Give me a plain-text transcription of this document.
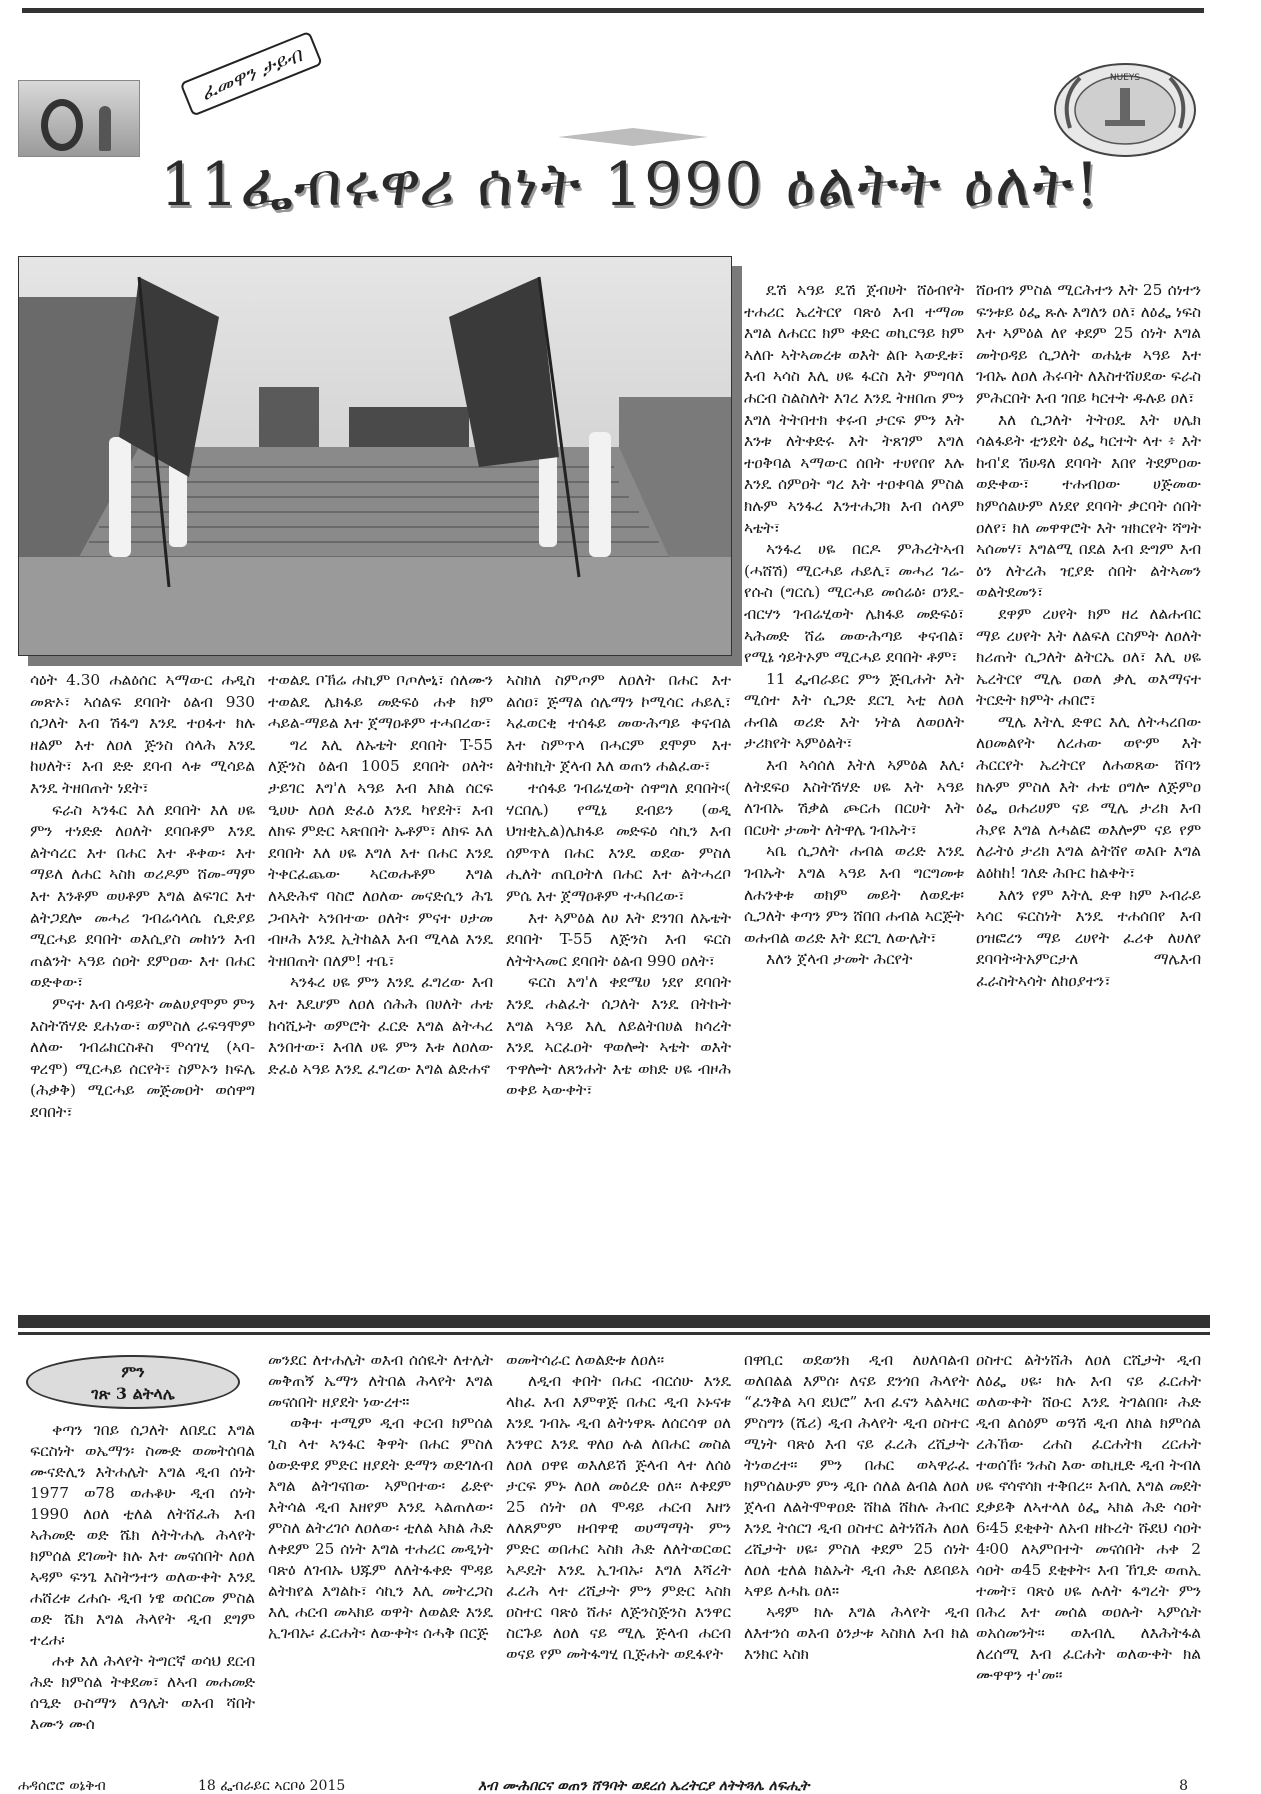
ፈመዋን ታይብ	NUEYS
11ፌብሩዋሪ ሰነት 1990 ዕልትት ዕለት!

ሳዕት 4.30 ሐልዕሰር ኣማውር ሐዲስ መጽኦ፣ ኣሰልፍ ደባበት ዕልብ 930 ሰጋለት እብ ሽፋግ እንዴ ተዐፋተ ክሉ ዘልም እተ ለዐለ ጅንስ ሰላሕ እንዴ ከሀለት፣ እብ ድድ ደባብ ላቱ ሚሳይል እንዴ ትዘበጠት ነደት፣

ፍራስ ኣንፋር እለ ደባበት እለ ሀዬ ምን ተነድድ ለዐለት ደባበቶም እንዴ ልትሳረር እተ በሐር እተ ቶቀው፡ እተ ማይለ ለሐር ኣስክ ወሪዶም ሸመ-ማም እተ እንቶም ወሀቶም እግል ልፍገር እተ ልትጋደሎ መሓሪ ገብሬሳላሴ ሲድያይ ሚርሓይ ደባበት ወእሲያስ መከነን እብ ጠልንት ኣዓይ ሰዐት ደምዐው እተ በሐር ወድቀው፣

ምናተ እብ ሰዳይት መልሀያሞም ምን እስትሽሃድ ደሐነው፣ ወምስለ ራፍዓሞም ለለው ገብሬክርስቶስ ሞሳገሂ (ኣባ-ዋረሞ) ሚርሓይ ሰርየት፣ ስምኦን ክፍሌ (ሕቃቅ) ሚርሓይ መጅመዐት ወሰዋግ ደባበት፣

ተወልዴ ቦኽሬ ሐኪም ቦጦሎኒ፣ ሰለሙን ተወልዴ ሌክፋይ መድፍዕ ሐቀ ክም ሓይል-ማይል እተ ጀማዐቶም ተሓበረው፣

ግረ እሊ ለኡቴት ደባበት T-55 ለጅንስ ዕልብ 1005 ደባበት ዐለት፡ታይገር እግ'ለ ኣዓይ እብ እክል ሰርፍ ዒሀሁ ለዐለ ድፈዕ እንዴ ካየደት፣ እብ ለክፍ ምድር ኣጽበበት ኡቶም፣ ለክፍ እለ ደባበት እለ ሀዬ እግለ እተ በሐር እንዴ ትቀርፈጨው ኣርወሐቶም እግል ለኣድሕኖ ባስሮ ለዐለው መናድሲን ሕጌ ጋብኣት ኣንበተው ዐለት፡ ምናተ ሀታመ ብዞሕ እንዴ ኢትከልእ እብ ሚላል እንዴ ትዘበጠት በለም! ተቤ፣

ኣንፋረ ሀዬ ምን እንዴ ፈግረው እብ እተ እዴሆም ለዐለ ሰሕሕ በሀለት ሐቴ ከሳሺኑት ወምሮት ፈርድ እግል ልትሓረ እንበተው፣ እብለ ሀዬ ምን እቱ ለዐለው ድፈዕ ኣዓይ እንዴ ፈግረው እግል ልድሐኖ

ኣስክለ ስምጦም ለዐለት በሐር እተ ልሰዐ፣ ጅማል ሰሌማን ኮሚሳር ሐይሊ፣ ኣፈወርቂ ተሰፋይ መውሕጣይ ቀናብል እተ ስምጥላ በሓርም ደሞም እተ ልትክኪት ጀላብ እለ ወጠን ሐልፈው፣

ተሰፋይ ገብሬሂወት ሰዋግለ ደባበት፡( ሃርበሌ) የሚኔ ደብይን (ወዲ ህዝቂኢል)ሌክፋይ መድፍዕ ሳኪን እብ ሰምጥለ በሐር እንዴ ወደው ምስለ ሒለት ጠቢዐትለ በሐር እተ ልትሓረቦ ምሴ እተ ጀማዐቶም ተሓበረው፣

እተ ኣምዕል ለሀ እት ደንገበ ለኡቴት ደባበት T-55 ለጅንስ እብ ፍርስ ለትትኣመር ደባበት ዕልብ 990 ዐለት፣

ፍርስ እግ'ለ ቀደሜሀ ነደየ ደባበት እንዴ ሐልፈት ሰጋለት እንዴ በትኩት እግል ኣዓይ እሊ ለይልትበሀል ክሳረት እንዴ ኣርፈዐት ዋወሎት ኣቴት ወእት ጥዋሎት ለጸንሐት እቴ ወክድ ሀዬ ብዞሕ ወቀይ ኣውቀት፣

ዴሽ ኣዓይ ዴሽ ጀብሀት ሸዕብየት ተሐሪር ኤረትርየ ባጽዕ እብ ተማመ እግል ለሐርር ክም ቀድር ወኪርዓይ ክም ኣለቡ ኣትኣመረቱ ወእት ልቡ ኣውዴቱ፣ እብ ኣሳስ እሊ ሀዬ ፋርስ እት ምግባለ ሐርብ ስልስለት እገረ እንዴ ትዘበጠ ምን እግለ ትትበተክ ቀሩብ ታርፍ ምን እት እንቱ ለትቀድሩ እት ትጸገም እግለ ተዐቅባል ኣማውር ሰበት ተሀየበየ እሉ እንዴ ሰምዐት ግረ እት ተዐቀባል ምስል ክሉም ኣንፋረ እንተሐጋክ እብ ሰላም ኣቴት፣

ኣንፋረ ሀዬ በርዶ ምሕረትኣብ (ሓሸሽ) ሚርሓይ ሐይሊ፣ መሓሪ ገሬ- የሱስ (ግርሴ) ሚርሓይ መሰሬዕ፡ ዐንዴ-ብርሃን ገብሬሂወት ሌክፋይ መድፍዕ፣ ኣሕመድ ሸሬ መውሕጣይ ቀናብል፣ የሚኔ ጎይትኦም ሚርሓይ ደባበት ቶም፣

11 ፌብራይር ምን ጅቢሐት እት ሚሰተ እት ሲጋድ ደርጊ ኣቲ ለዐለ ሐብል ወሪድ እት ነትል ለወዐለት ታሪክየት ኣምዕልት፣

እብ ኣሳሰለ እትለ ኣምዕል እሊ፡ ለትደፍዐ እስትሽሃድ ሀዬ እት ኣዓይ ለገብኡ ሽቃል ጮርሐ በርሀት እት በርሀት ታመት ለትዋሌ ገብኡት፣

ኣቤ ሲጋለት ሐብል ወሪድ እንዴ ገብኡት እግል ኣዓይ እብ ግርግመቱ ለሐንቀቱ ወክም መይት ለወዴቱ፡ ሲጋለት ቀጣን ምን ሸበበ ሐብል ኣርጅት ወሐብል ወሪድ እት ደርጊ ለውሌት፣

እለን ጀላብ ታመት ሕርየት

ሸዐብን ምስል ሚርሕተን እት 25 ሰነተን ፍንቱይ ዕፌ ጹሉ እግለን ዐለ፣ ለዕፌ ነፍስ እተ ኣምዕል ለየ ቀደም 25 ሰነት እግል መትዐዳይ ሲጋለት ወሐኒቱ ኣዓይ እተ ገብኡ ለዐለ ሕሩባት ለእስተሸሀደው ፍራስ ምሕርበት እብ ገበይ ካርተት ዱሉይ ዐለ፣

እለ ሲጋለት ትትዐዴ እት ሀሌክ ሳልፋይት ቲንደት ዕፌ ካርተት ላተ ፥ እት ከብ'ደ ሽሀዳለ ደባባት እበየ ትደምዐው ወድቀው፣ ተሐብዐው ሀጅመው ክምሰልሁም ለነደየ ደባባት ቃርባት ሰበት ዐለየ፣ ክለ መዋዋሮት እት ዝክርየት ሻግት ኣሰመሃ፣ እግልሚ በደል እብ ድግም እብ ዕን ለትረሕ ዢያድ ሰበት ልትኣመን ወልትደመን፣

ደዋም ረሀየት ክም ዘረ ለልሐብር ማይ ረሀየት እት ለልፍለ ርስምት ለዐለት ክሪጠት ሲጋለት ልትርኤ ዐለ፣ እሊ ሀዬ ኤረትርየ ሚሌ ዐወለ ቃሊ ወእማናተ ትርድት ክምት ሐበሮ፣

ሚሌ እትሊ ድዋር እሊ ለትሓረበው ለዐመልየት ለረሐው ወዮም እት ሕርርየት ኤረትርየ ለሐወጸው ሸባን ክሉም ምስለ እት ሐቴ ዐግሎ ለጅምዐ ዕፌ ዐሐሪሀም ናይ ሚሌ ታሪክ እብ ሕያዩ እግል ለሓልፎ ወእሎም ናይ የም ለራትዕ ታሪክ እግል ልትሸየ ወእቡ እግል ልዕከከ! ገለድ ሕቡር ከልቀት፣

እለን የም እትሊ ድዋ ክም ኦብራይ ኣሳር ፍርስነት እንዴ ተሐሰበየ እብ ዐዝፎረን ማይ ረሀየት ፈሪቀ ለሀለየ ደባባት፡ትአምርታለ ማሌእብ ፈራስትኣሳት ለከዐያተን፣

ምን
ገጽ 3 ልትላሌ

ቀጣን ገበይ ሰጋለት ለበዴር እግል ፍርስነት ወኤማን፡ ስሙድ ወመትሰባል ሙናድሊን እትሐሌት እግል ዲብ ሰነት 1977 ወ78 ወሐቆሁ ዲብ ሰነት 1990 ለዐለ ቲለል ለትሸፈሕ እብ ኣሕመድ ወድ ሼክ ለትትሐሌ ሕላየት ክምሰል ደገመት ክሉ እተ መናሰበት ለዐለ ኣዳም ፍንጌ እስትንተን ወለውቀት እንዴ ሐሸረቱ ረሐሱ ዲብ ነዌ ወሰርመ ምስል ወድ ሼክ እግል ሕላየት ዲብ ደግም ተረሐ፡

ሐቀ እለ ሕላየት ትግርኛ ወሳህ ደርብ ሕድ ክምሰል ትቀደመ፣ ለኣብ መሐመድ ሰዒድ ዑስማን ለዓሌት ወእብ ሻበት እሙን ሙሰ

መንደር ለተሐሌት ወእብ ሰሰዪት ለተሌት መቅጠኝ ኤማን ለትበል ሕላየት እግል መናሰበት ዘያደት ነውረተ።

ወቅተ ተሚም ዲብ ቀርብ ክምሰል ጊስ ላተ ኣንፋር ቅዋት በሐር ምስለ ዕውድዋደ ምድር ዘያደት ድማን ወድገለብ እግል ልትገናበው ኣምበተው፡ ፊድዮ እትሳል ዲብ እዘየም እንዴ ኣልጠለው፡ ምስለ ልትረገሶ ለዐለው፡ ቲለል ኣክል ሕድ ለቀደም 25 ሰነት እግል ተሐሪር መዲነት ባጽዕ ለገብኡ ህጁም ለለትፋቀድ ሞዳይ ልትክየል እግልኩ፣ ሳኪን እሊ መትረጋስ እሊ ሐርብ መኣክይ ወዋት ለወልድ እንዴ ኢገብኡ፡ ፈርሐት፡ ለውቀት፡ ሰሓቅ በርጅ

ወመትሳራር ለወልድቱ ለዐለ፡፡

ለዲብ ቀበት በሐር ብርሰሁ እንዴ ላከፈ እብ እምዋጅ በሐር ዲብ ኦኑናቱ እንዴ ገብኡ ዲብ ልትነዋጹ ለሰርሳዋ ዐለ እንዋር እንዴ ዋለዐ ሉል ለበሐር መስል ለዐለ ዐዋዩ ወእለይሽ ጅላብ ላተ ለሰዕ ታርፍ ምኑ ለዐለ መዕረድ ዐለ፡፡ ለቀደም 25 ሰነት ዐለ ሞዳይ ሐርብ እዘን ለለጸምም ዘብዋዊ ወሀማማት ምን ምድር ወበሐር ኣስክ ሕድ ለለትወርወር ኣዶዴት እንዴ ኢገብኡ፡ እግለ እሻረት ፈረሕ ላተ ረሺታት ምን ምድር ኣስክ ዐስተር ባጽዕ ሸሐ፡ ለጅንስጅንስ እንዋር ስርጉይ ለዐለ ናይ ሚሌ ጅላብ ሐርብ ወናይ የም መትፋግሂ ቢጅሐት ወዴፋየት

በዋቢር ወደወንክ ዲብ ለሀለባልብ ወለበልል እምሰ፡ ለናይ ደንጎበ ሕላየት “ፈንቅል ኣባ ደህሮ” እብ ፈናን ኣልኣዛር ምስግን (ሼሪ) ዲብ ሕላየት ዲብ ዐስተር ሚነት ባጽዕ እብ ናይ ፈረሕ ረሺታት ትነወረተ፡፡ ምን በሐር ወኣዋራፈ ክምሰልሁም ምን ዲቡ ሰለል ልብል ለዐለ ጀላብ ለልትሞዋዐድ ሸከል ሸከሉ ሕብር እንዴ ትሰርገ ዲብ ዐስተር ልትነሸሕ ለዐለ ረሺታት ሀዬ፡ ምስለ ቀደም 25 ሰነት ለዐለ ቲለል ክልኡት ዲብ ሕድ ለይበይአ ኣዋይ ለሓኬ ዐለ።

ኣዳም ክሉ እግል ሕላየት ዲብ ለእተንሰ ወእብ ዕንታቱ ኣስክለ እብ ክል እንክር ኣስክ

ዐስተር ልትነሸሕ ለዐለ ርሺታት ዲብ ለዕፌ ሀዬ፡ ክሉ እብ ናይ ፈርሐት ወለውቀት ሸዑር እንዴ ትገልበበ፡ ሕድ ዲብ ልሰዕም ወዓሽ ዲብ ለክል ክምሰል ረሕኸው ረሐስ ፈርሐትክ ረርሐት ተወሰኸ፡ ንሐስ እው ወኪዚድ ዲብ ትብለ ሀዬ ኖሳኖሳክ ተቅበረ፡፡ እብሊ እግል መደት ደቃይቅ ለኣተላለ ዕፌ ኣክል ሕድ ሳዐት 6፡45 ደቂቀት ለአብ ዘኩረት ሹደህ ሳዐት 4፡00 ለኣምበተት መናሰበት ሐቀ 2 ሳዐት ወ45 ደቂቀት፡ እብ ኸጊድ ወጠኢ ተመት፣ ባጽዕ ሀዬ ሉለት ፋግረት ምን በሕረ እተ መሰል ወዐሉት ኣምሴት ወአሰመንት፡፡ ወእብሊ ለእሕትፋል ለረሰሚ እብ ፈርሐት ወለውቀት ክል ሙዋዋን ተ'መ፡፡

ሐዳሰሮሮ ወኔቅብ	18 ፌብራይር ኣርቦዕ 2015	እብ ሙሕበርና ወጠን ሸዓባት ወደረሰ ኤረትርያ ለትትጓሌ ለፍሒት	8
